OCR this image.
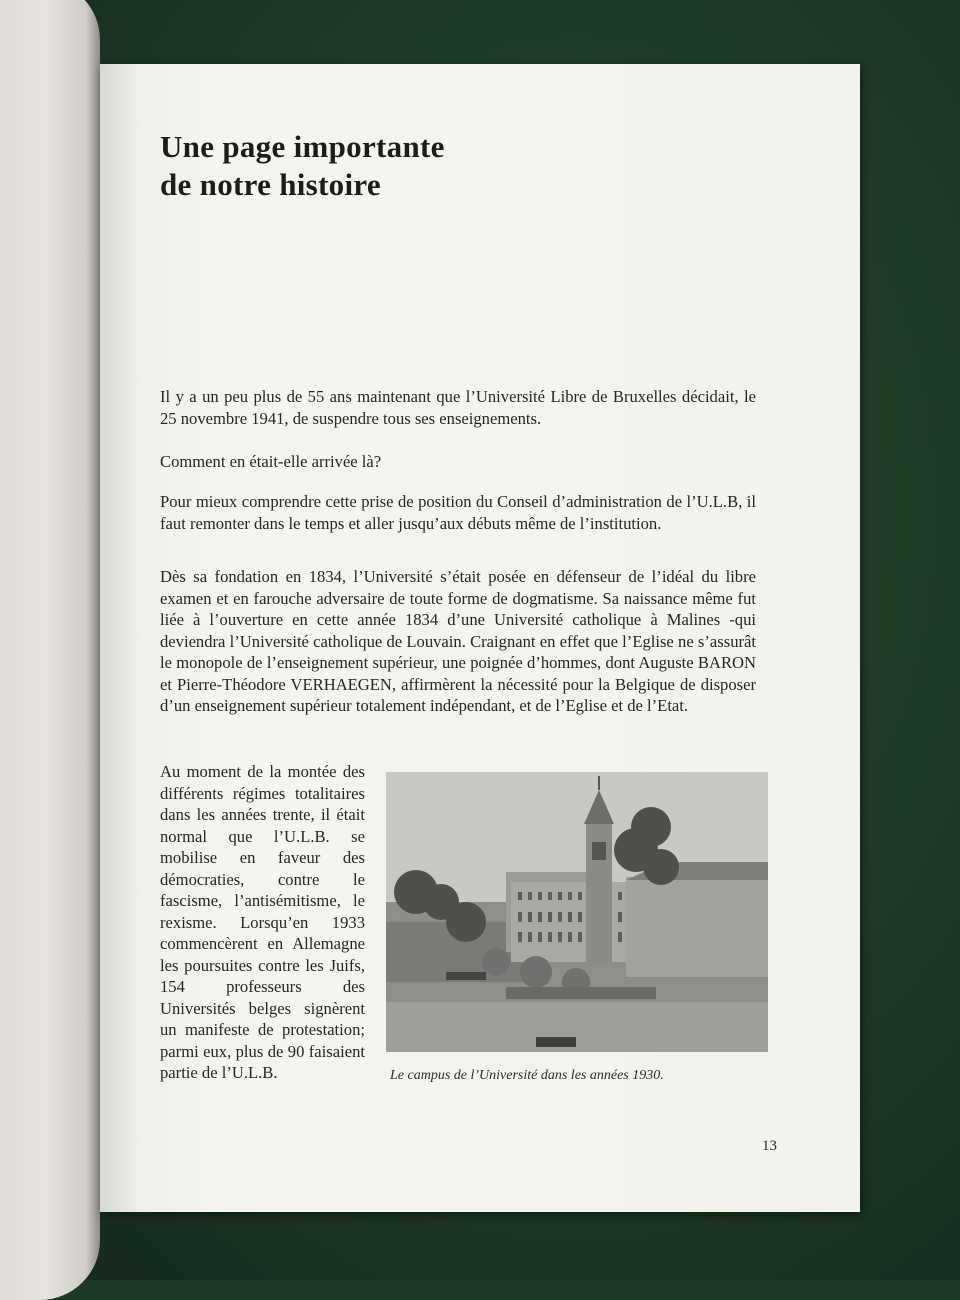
Une page importante
de notre histoire

Il y a un peu plus de 55 ans maintenant que l’Université Libre de Bruxelles décidait, le 25 novembre 1941, de suspendre tous ses enseignements.

Comment en était-elle arrivée là?

Pour mieux comprendre cette prise de position du Conseil d’administration de l’U.L.B, il faut remonter dans le temps et aller jusqu’aux débuts même de l’institution.

Dès sa fondation en 1834, l’Université s’était posée en défenseur de l’idéal du libre examen et en farouche adversaire de toute forme de dogmatisme. Sa naissance même fut liée à l’ouverture en cette année 1834 d’une Université catholique à Malines -qui deviendra l’Université catholique de Louvain. Craignant en effet que l’Eglise ne s’assurât le monopole de l’enseignement supérieur, une poignée d’hommes, dont Auguste BARON et Pierre-Théodore VERHAEGEN, affirmèrent la nécessité pour la Belgique de disposer d’un enseignement supérieur totalement indépendant, et de l’Eglise et de l’Etat.

Au moment de la montée des différents régimes totalitaires dans les années trente, il était normal que l’U.L.B. se mobilise en faveur des démocraties, contre le fascisme, l’antisémitisme, le rexisme. Lorsqu’en 1933 commencèrent en Allemagne les poursuites contre les Juifs, 154 professeurs des Universités belges signèrent un manifeste de protestation; parmi eux, plus de 90 faisaient partie de l’U.L.B.	Le campus de l’Université dans les années 1930.

13
